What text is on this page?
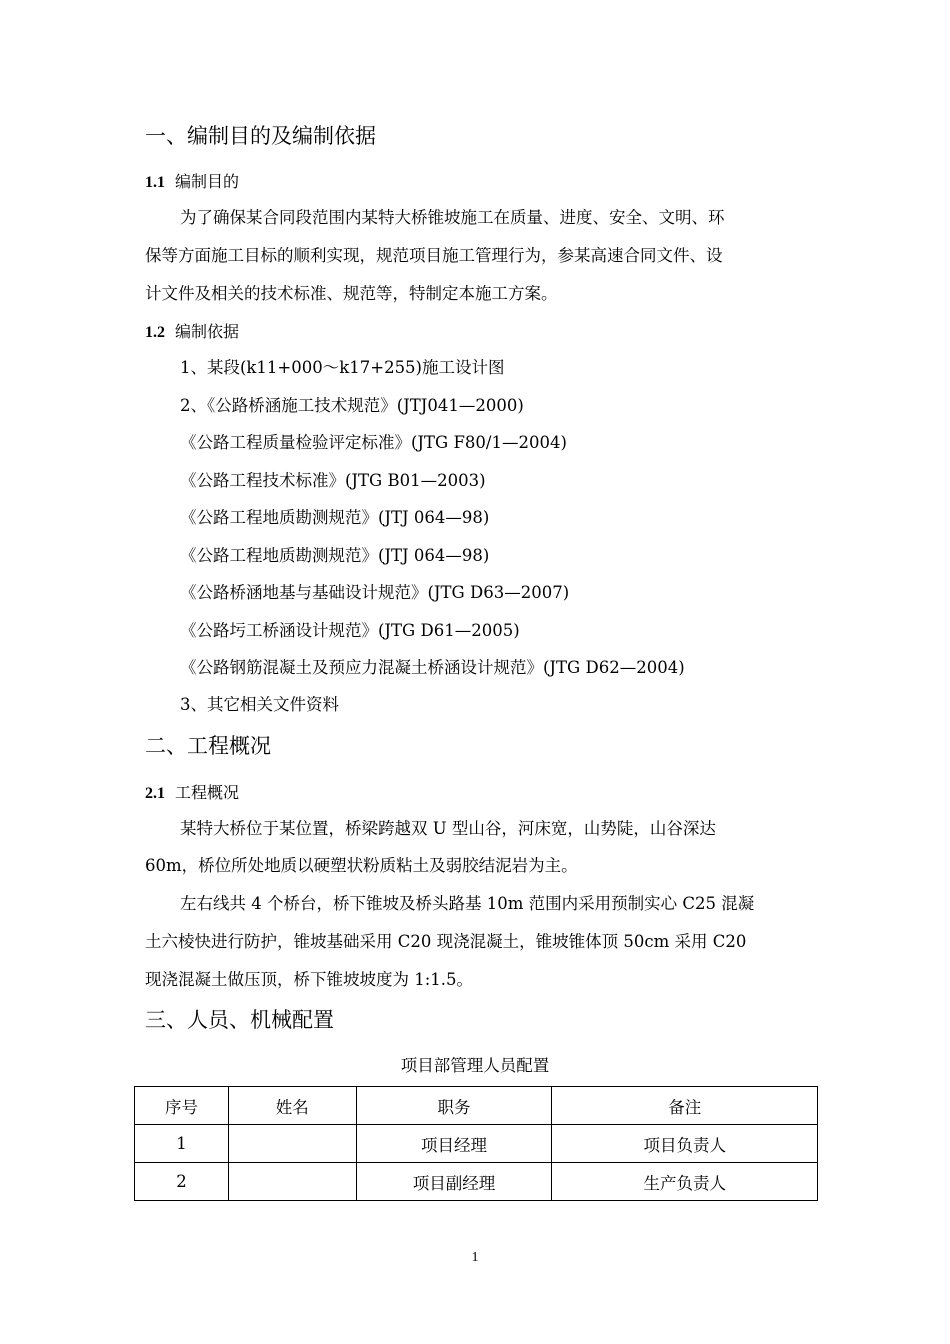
一、编制目的及编制依据
1.1 编制目的
为了确保某合同段范围内某特大桥锥坡施工在质量、进度、安全、文明、环
保等方面施工目标的顺利实现，规范项目施工管理行为，参某高速合同文件、设
计文件及相关的技术标准、规范等，特制定本施工方案。
1.2 编制依据
1、某段(k11+000～k17+255)施工设计图
2、《公路桥涵施工技术规范》(JTJ041—2000)
《公路工程质量检验评定标准》(JTG F80/1—2004)
《公路工程技术标准》(JTG B01—2003)
《公路工程地质勘测规范》(JTJ 064—98)
《公路工程地质勘测规范》(JTJ 064—98)
《公路桥涵地基与基础设计规范》(JTG D63—2007)
《公路圬工桥涵设计规范》(JTG D61—2005)
《公路钢筋混凝土及预应力混凝土桥涵设计规范》(JTG D62—2004)
3、其它相关文件资料
二、工程概况
2.1 工程概况
某特大桥位于某位置，桥梁跨越双 U 型山谷，河床宽，山势陡，山谷深达
60m，桥位所处地质以硬塑状粉质粘土及弱胶结泥岩为主。
左右线共 4 个桥台，桥下锥坡及桥头路基 10m 范围内采用预制实心 C25 混凝
土六棱快进行防护，锥坡基础采用 C20 现浇混凝土，锥坡锥体顶 50cm 采用 C20
现浇混凝土做压顶，桥下锥坡坡度为 1:1.5。
三、人员、机械配置
项目部管理人员配置
序号	姓名	职务	备注
1		项目经理	项目负责人
2		项目副经理	生产负责人
1
